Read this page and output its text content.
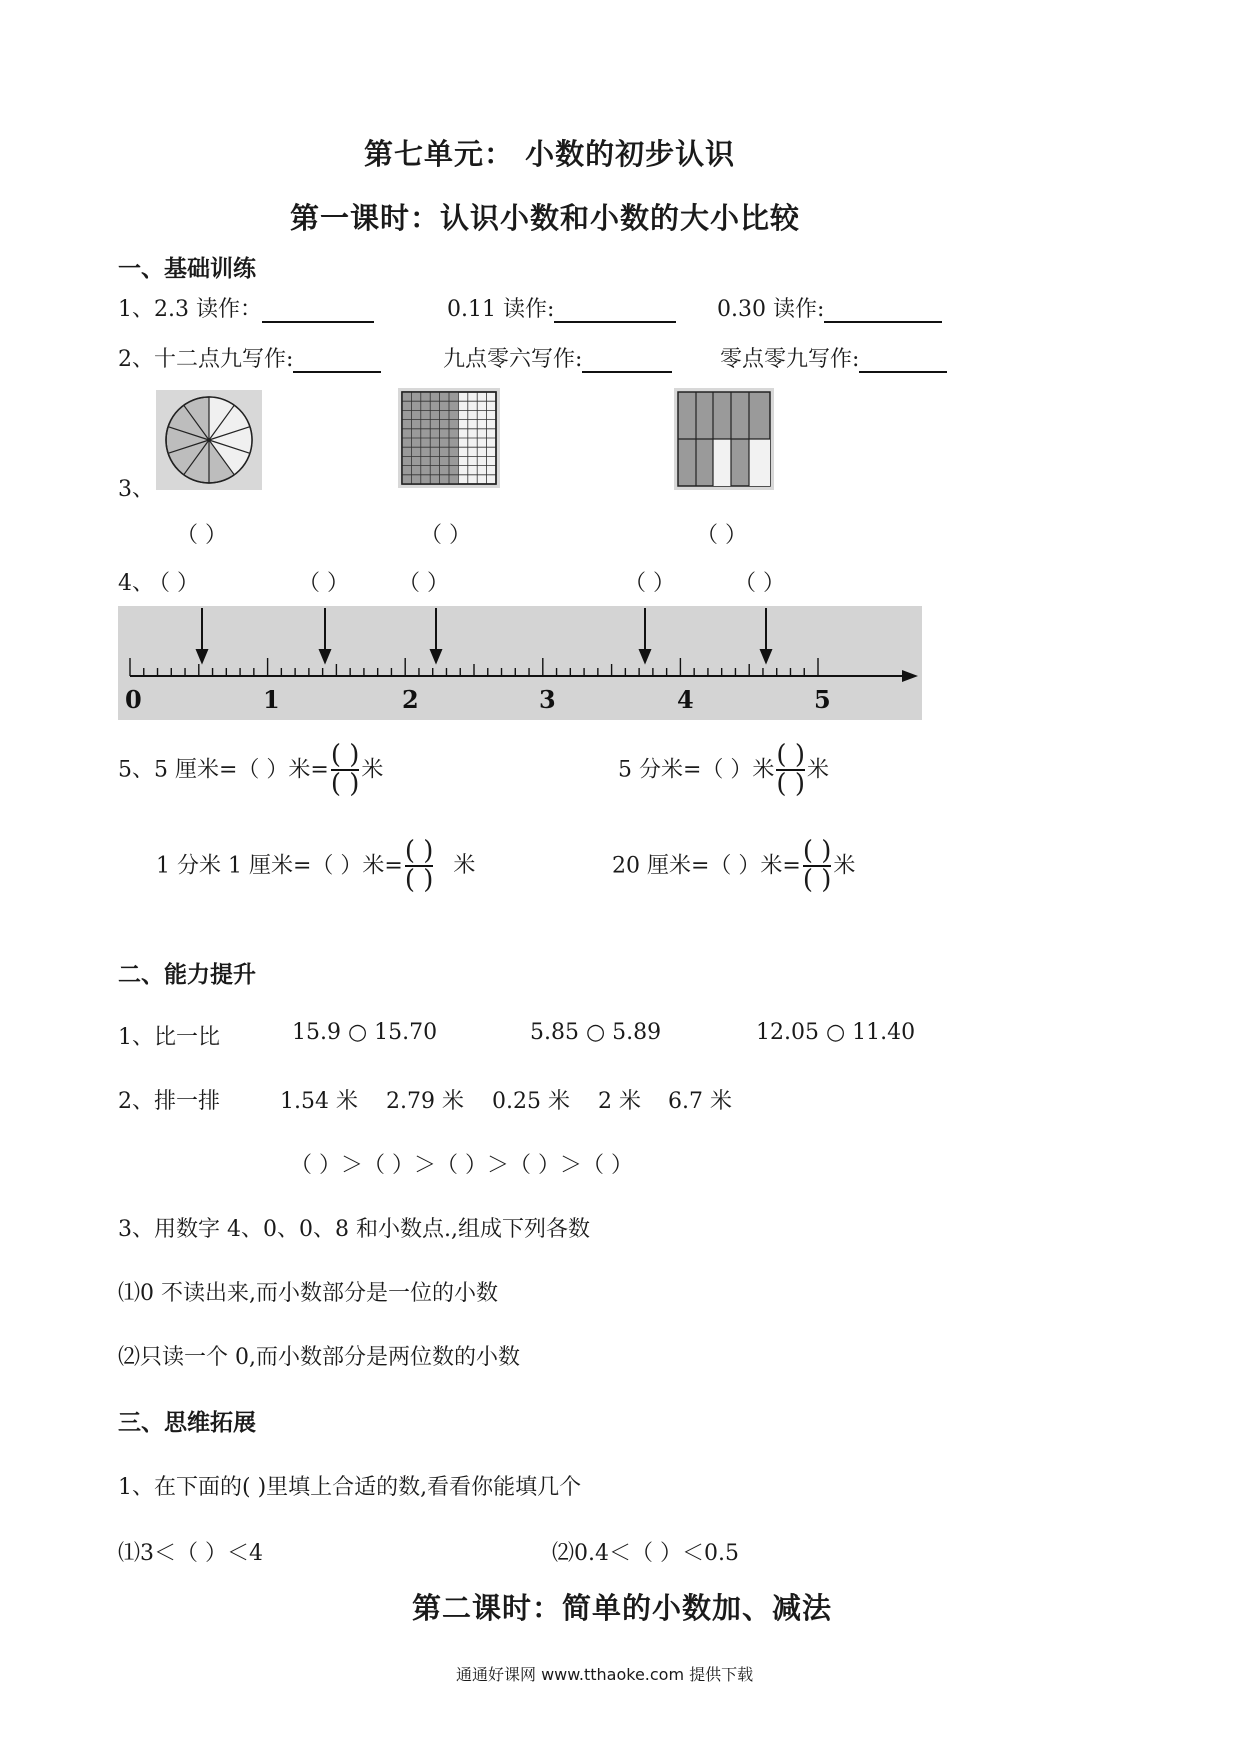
第七单元： 小数的初步认识
第一课时：认识小数和小数的大小比较
一、基础训练
1、2.3 读作：	0.11 读作:	0.30 读作:
2、十二点九写作:	九点零六写作:	零点零九写作:
3、
（ ）	（ ）	（ ）
4、
（ ）	（ ） （ ）	（ ）	（ ）
0	1	2	3	4	5
5、5 厘米=（ ）米= $\frac{( )}{( )}$ 米	5 分米=（ ）米 $\frac{( )}{( )}$ 米
1 分米 1 厘米=（ ）米= $\frac{( )}{( )}$ 米	20 厘米=（ ）米= $\frac{( )}{( )}$ 米
二、能力提升
1、比一比	15.9 ○ 15.70	5.85 ○ 5.89	12.05 ○ 11.40
2、排一排	1.54 米 2.79 米 0.25 米 2 米 6.7 米
（ ）＞（ ）＞（ ）＞（ ）＞（ ）
3、用数字 4、0、0、8 和小数点.,组成下列各数
⑴0 不读出来,而小数部分是一位的小数
⑵只读一个 0,而小数部分是两位数的小数
三、思维拓展
1、在下面的( )里填上合适的数,看看你能填几个
⑴3＜（ ）＜4	⑵0.4＜（ ）＜0.5
第二课时：简单的小数加、减法
通通好课网 www.tthaoke.com 提供下载
